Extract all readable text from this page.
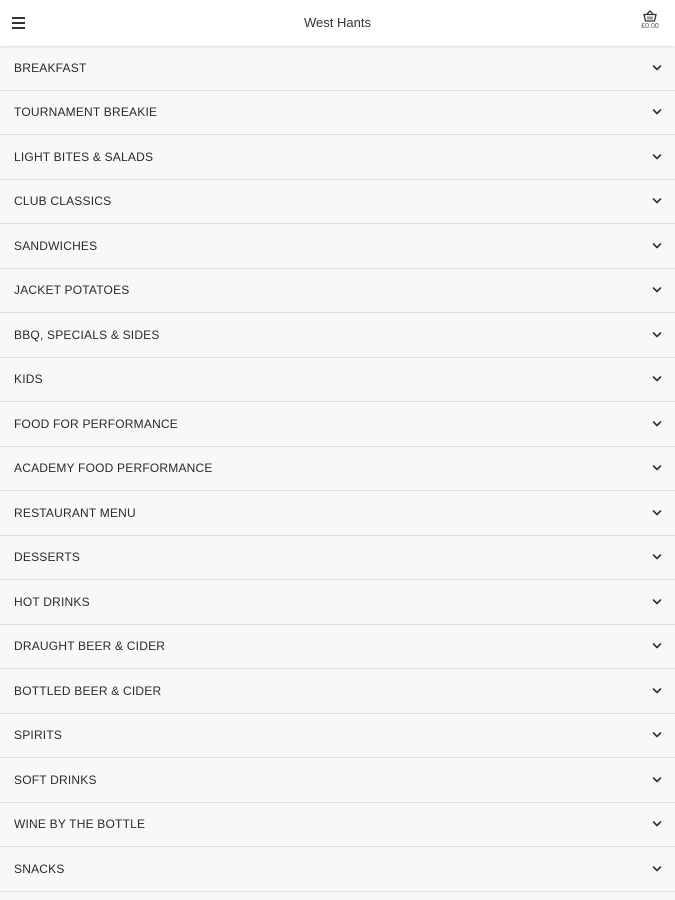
West Hants	£0.00
BREAKFAST
TOURNAMENT BREAKIE
LIGHT BITES & SALADS
CLUB CLASSICS
SANDWICHES
JACKET POTATOES
BBQ, SPECIALS & SIDES
KIDS
FOOD FOR PERFORMANCE
ACADEMY FOOD PERFORMANCE
RESTAURANT MENU
DESSERTS
HOT DRINKS
DRAUGHT BEER & CIDER
BOTTLED BEER & CIDER
SPIRITS
SOFT DRINKS
WINE BY THE BOTTLE
SNACKS
